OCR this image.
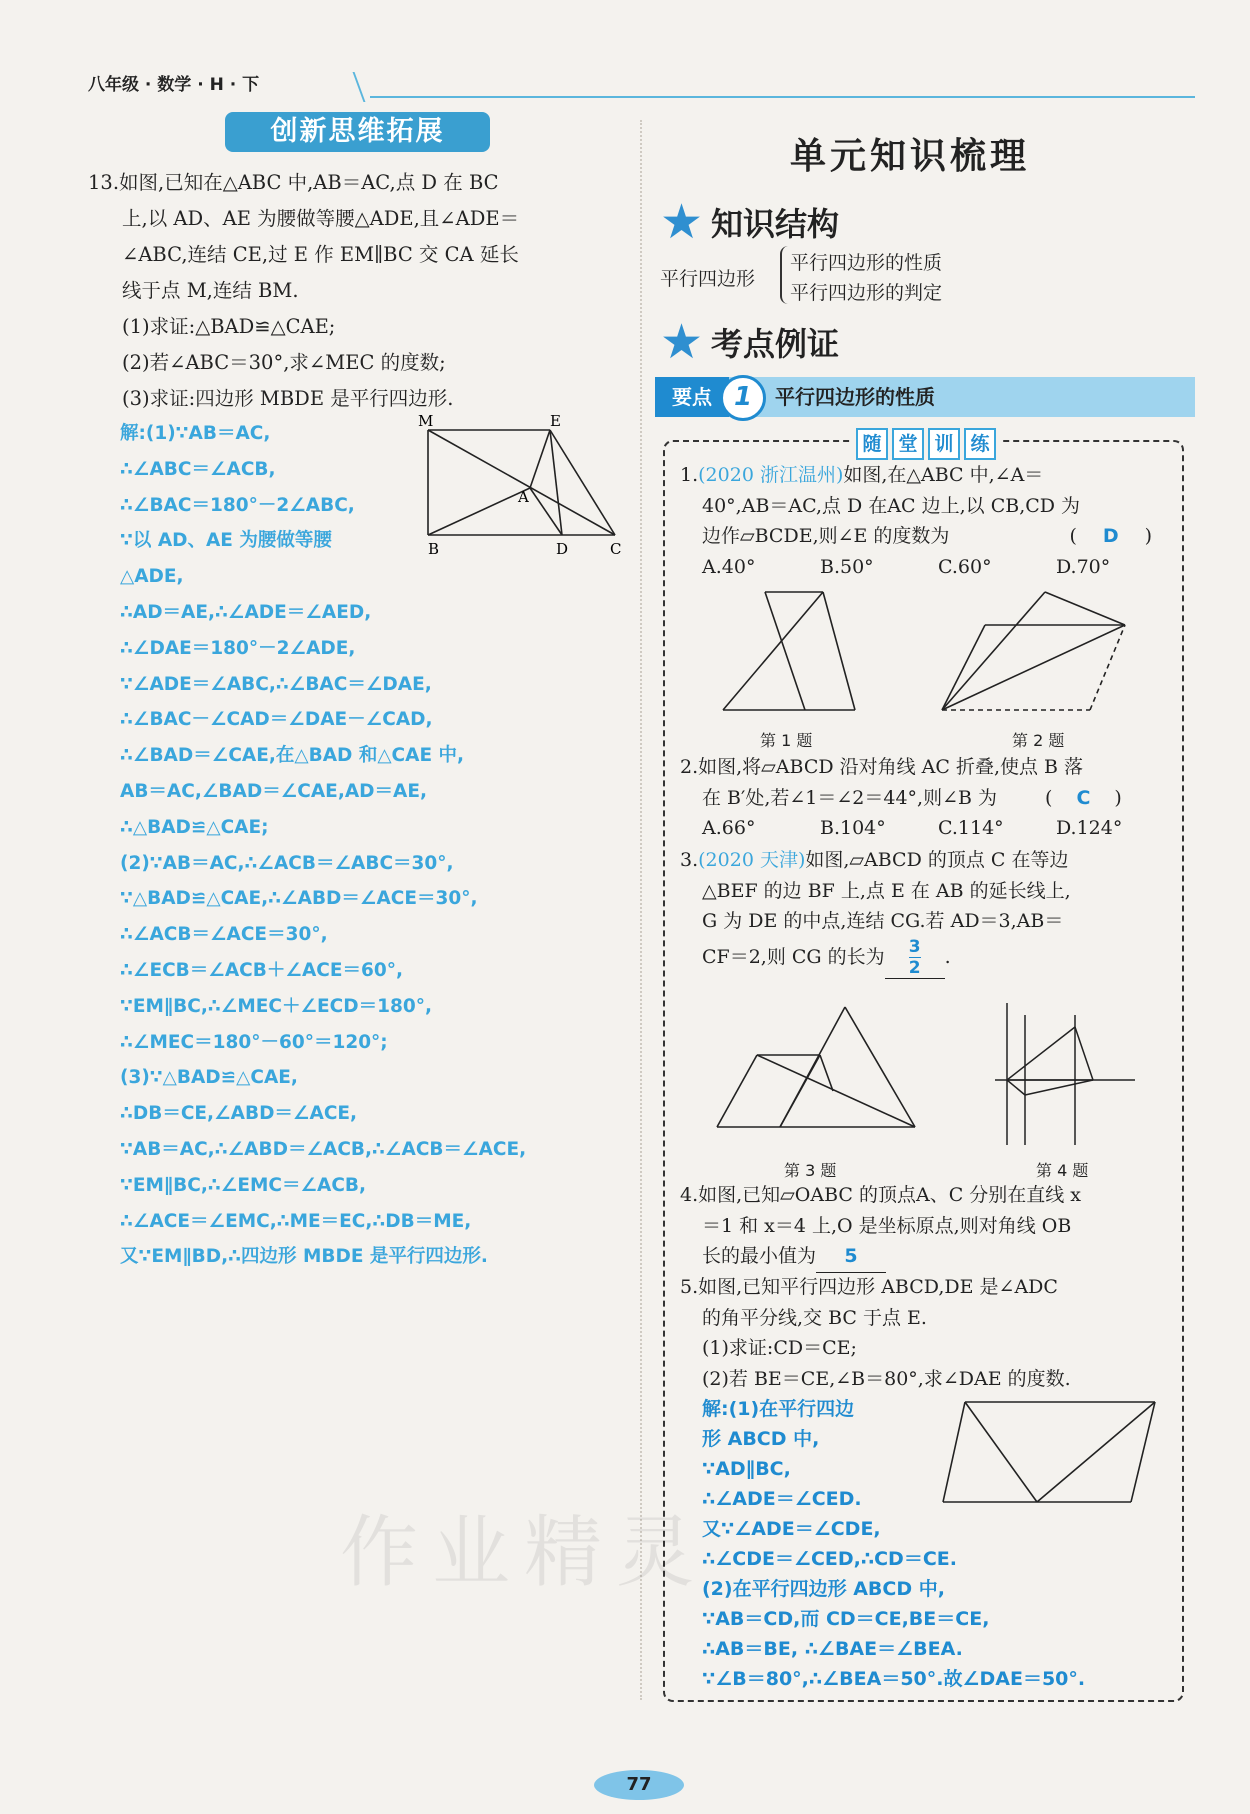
八年级 · 数学 · H · 下
创新思维拓展
13.如图,已知在△ABC 中,AB＝AC,点 D 在 BC
上,以 AD、AE 为腰做等腰△ADE,且∠ADE＝
∠ABC,连结 CE,过 E 作 EM∥BC 交 CA 延长
线于点 M,连结 BM.
(1)求证:△BAD≌△CAE;
(2)若∠ABC＝30°,求∠MEC 的度数;
(3)求证:四边形 MBDE 是平行四边形.
解:(1)∵AB＝AC,
∴∠ABC＝∠ACB,
∴∠BAC＝180°－2∠ABC,
∵以 AD、AE 为腰做等腰
△ADE,
∴AD＝AE,∴∠ADE＝∠AED,
∴∠DAE＝180°－2∠ADE,
∵∠ADE＝∠ABC,∴∠BAC＝∠DAE,
∴∠BAC－∠CAD＝∠DAE－∠CAD,
∴∠BAD＝∠CAE,在△BAD 和△CAE 中,
AB＝AC,∠BAD＝∠CAE,AD＝AE,
∴△BAD≌△CAE;
(2)∵AB＝AC,∴∠ACB＝∠ABC＝30°,
∵△BAD≌△CAE,∴∠ABD＝∠ACE＝30°,
∴∠ACB＝∠ACE＝30°,
∴∠ECB＝∠ACB＋∠ACE＝60°,
∵EM∥BC,∴∠MEC＋∠ECD＝180°,
∴∠MEC＝180°－60°＝120°;
(3)∵△BAD≌△CAE,
∴DB＝CE,∠ABD＝∠ACE,
∵AB＝AC,∴∠ABD＝∠ACB,∴∠ACB＝∠ACE,
∵EM∥BC,∴∠EMC＝∠ACB,
∴∠ACE＝∠EMC,∴ME＝EC,∴DB＝ME,
又∵EM∥BD,∴四边形 MBDE 是平行四边形.
M	E
A
B	D	C
单元知识梳理
★ 知识结构
平行四边形
平行四边形的性质
平行四边形的判定
★ 考点例证
要点 1	平行四边形的性质
随 堂 训 练
1.(2020 浙江温州)如图,在△ABC 中,∠A＝
40°,AB＝AC,点 D 在AC 边上,以 CB,CD 为
边作▱BCDE,则∠E 的度数为	( D )
A.40°	B.50°	C.60°	D.70°
第 1 题	第 2 题
2.如图,将▱ABCD 沿对角线 AC 折叠,使点 B 落
在 B′处,若∠1＝∠2＝44°,则∠B 为	( C )
A.66°	B.104°	C.114°	D.124°
3.(2020 天津)如图,▱ABCD 的顶点 C 在等边
△BEF 的边 BF 上,点 E 在 AB 的延长线上,
G 为 DE 的中点,连结 CG.若 AD＝3,AB＝
CF＝2,则 CG 的长为 $\frac{3}{2}$ .
第 3 题	第 4 题
4.如图,已知▱OABC 的顶点A、C 分别在直线 x
＝1 和 x＝4 上,O 是坐标原点,则对角线 OB
长的最小值为 5
5.如图,已知平行四边形 ABCD,DE 是∠ADC
的角平分线,交 BC 于点 E.
(1)求证:CD＝CE;
(2)若 BE＝CE,∠B＝80°,求∠DAE 的度数.
解:(1)在平行四边
形 ABCD 中,
∵AD∥BC,
∴∠ADE＝∠CED.
又∵∠ADE＝∠CDE,
∴∠CDE＝∠CED,∴CD＝CE.
(2)在平行四边形 ABCD 中,
∵AB＝CD,而 CD＝CE,BE＝CE,
∴AB＝BE, ∴∠BAE＝∠BEA.
∵∠B＝80°,∴∠BEA＝50°.故∠DAE＝50°.
77
作业精灵
